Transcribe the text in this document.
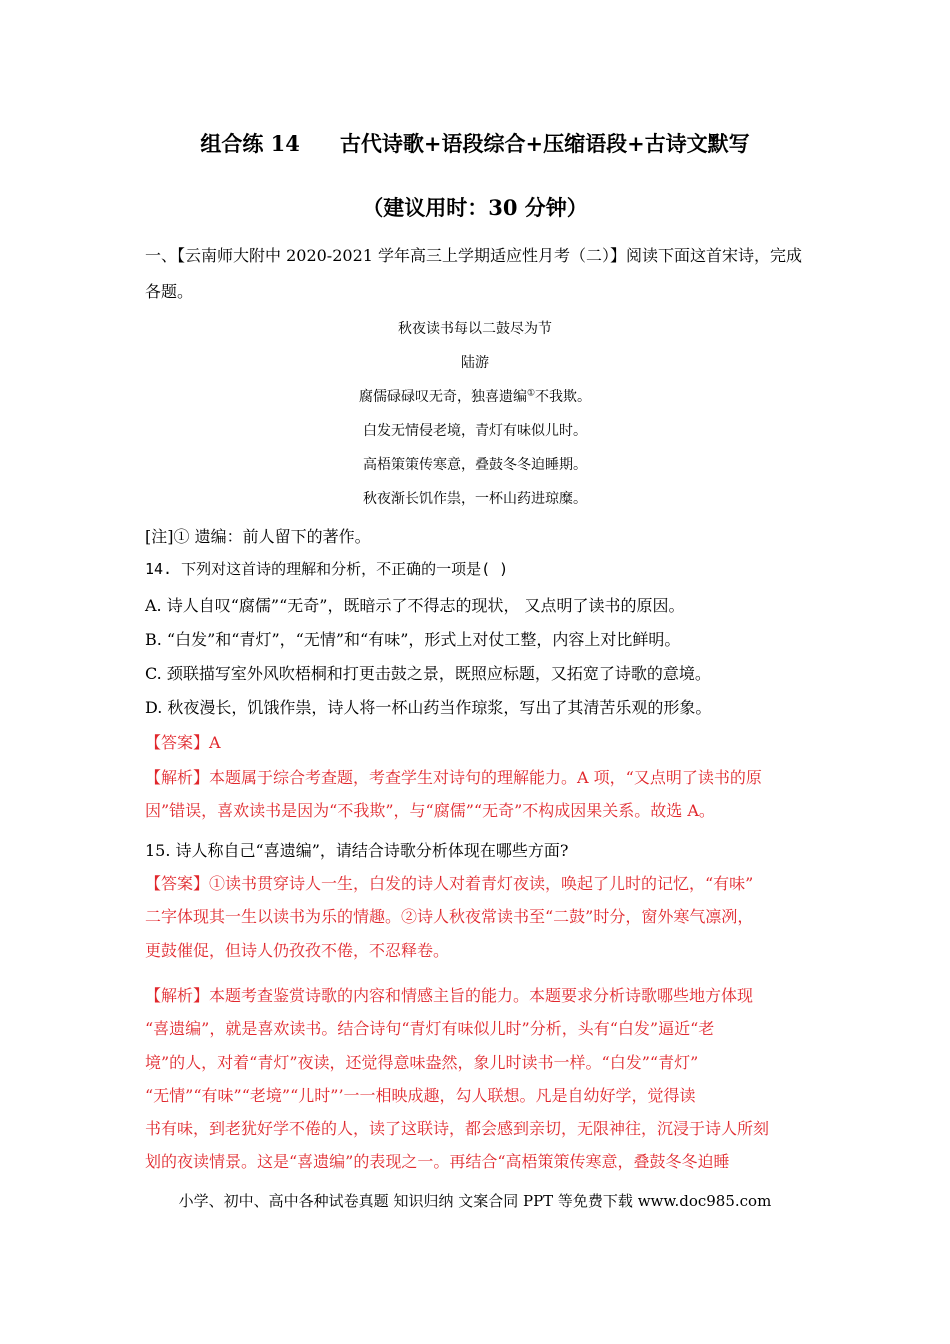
组合练 14 古代诗歌+语段综合+压缩语段+古诗文默写
（建议用时：30 分钟）
一、【云南师大附中 2020-2021 学年高三上学期适应性月考（二）】阅读下面这首宋诗，完成各题。
秋夜读书每以二鼓尽为节
陆游
腐儒碌碌叹无奇，独喜遗编①不我欺。
白发无情侵老境，青灯有味似儿时。
高梧策策传寒意，叠鼓冬冬迫睡期。
秋夜渐长饥作祟，一杯山药进琼糜。
[注]① 遗编：前人留下的著作。
14. 下列对这首诗的理解和分析，不正确的一项是( )
A. 诗人自叹“腐儒”“无奇”，既暗示了不得志的现状， 又点明了读书的原因。
B. “白发”和“青灯”，“无情”和“有味”，形式上对仗工整，内容上对比鲜明。
C. 颈联描写室外风吹梧桐和打更击鼓之景，既照应标题，又拓宽了诗歌的意境。
D. 秋夜漫长，饥饿作祟，诗人将一杯山药当作琼浆，写出了其清苦乐观的形象。
【答案】A
【解析】本题属于综合考查题，考查学生对诗句的理解能力。A 项，“又点明了读书的原
因”错误，喜欢读书是因为“不我欺”，与“腐儒”“无奇”不构成因果关系。故选 A。
15. 诗人称自己“喜遗编”，请结合诗歌分析体现在哪些方面?
【答案】①读书贯穿诗人一生，白发的诗人对着青灯夜读，唤起了儿时的记忆，“有味”
二字体现其一生以读书为乐的情趣。②诗人秋夜常读书至“二鼓”时分，窗外寒气凛冽，
更鼓催促，但诗人仍孜孜不倦，不忍释卷。
【解析】本题考查鉴赏诗歌的内容和情感主旨的能力。本题要求分析诗歌哪些地方体现
“喜遗编”，就是喜欢读书。结合诗句“青灯有味似儿时”分析，头有“白发”逼近“老
境”的人，对着“青灯”夜读，还觉得意味盎然，象儿时读书一样。“白发”“青灯”
“无情”“有味”“老境”“儿时”’一一相映成趣，勾人联想。凡是自幼好学，觉得读
书有味，到老犹好学不倦的人，读了这联诗，都会感到亲切，无限神往，沉浸于诗人所刻
划的夜读情景。这是“喜遗编”的表现之一。再结合“高梧策策传寒意，叠鼓冬冬迫睡
小学、初中、高中各种试卷真题 知识归纳 文案合同 PPT 等免费下载 www.doc985.com
